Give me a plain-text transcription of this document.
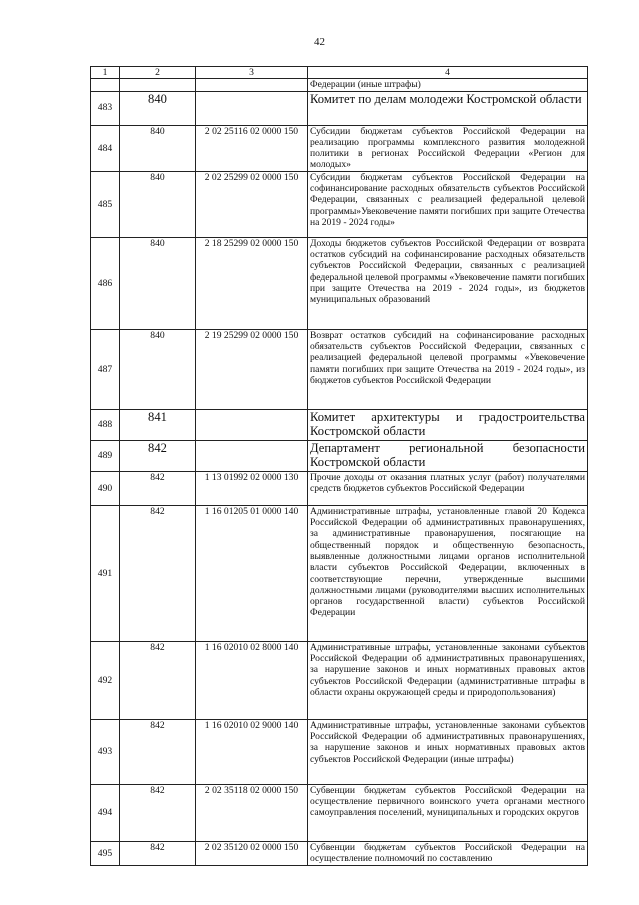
42
1	2	3	4
			Федерации (иные штрафы)
483	840		Комитет по делам молодежи Костромской области
484	840	2 02 25116 02 0000 150	Субсидии бюджетам субъектов Российской Федерации на реализацию программы комплексного развития молодежной политики в регионах Российской Федерации «Регион для молодых»
485	840	2 02 25299 02 0000 150	Субсидии бюджетам субъектов Российской Федерации на софинансирование расходных обязательств субъектов Российской Федерации, связанных с реализацией федеральной целевой программы»Увековечение памяти погибших при защите Отечества на 2019 - 2024 годы»
486	840	2 18 25299 02 0000 150	Доходы бюджетов субъектов Российской Федерации от возврата остатков субсидий на софинансирование расходных обязательств субъектов Российской Федерации, связанных с реализацией федеральной целевой программы «Увековечение памяти погибших при защите Отечества на 2019 - 2024 годы», из бюджетов муниципальных образований
487	840	2 19 25299 02 0000 150	Возврат остатков субсидий на софинансирование расходных обязательств субъектов Российской Федерации, связанных с реализацией федеральной целевой программы «Увековечение памяти погибших при защите Отечества на 2019 - 2024 годы», из бюджетов субъектов Российской Федерации
488	841		Комитет архитектуры и градостроительства Костромской области
489	842		Департамент региональной безопасности Костромской области
490	842	1 13 01992 02 0000 130	Прочие доходы от оказания платных услуг (работ) получателями средств бюджетов субъектов Российской Федерации
491	842	1 16 01205 01 0000 140	Административные штрафы, установленные главой 20 Кодекса Российской Федерации об административных правонарушениях, за административные правонарушения, посягающие на общественный порядок и общественную безопасность, выявленные должностными лицами органов исполнительной власти субъектов Российской Федерации, включенных в соответствующие перечни, утвержденные высшими должностными лицами (руководителями высших исполнительных органов государственной власти) субъектов Российской Федерации
492	842	1 16 02010 02 8000 140	Административные штрафы, установленные законами субъектов Российской Федерации об административных правонарушениях, за нарушение законов и иных нормативных правовых актов субъектов Российской Федерации (административные штрафы в области охраны окружающей среды и природопользования)
493	842	1 16 02010 02 9000 140	Административные штрафы, установленные законами субъектов Российской Федерации об административных правонарушениях, за нарушение законов и иных нормативных правовых актов субъектов Российской Федерации (иные штрафы)
494	842	2 02 35118 02 0000 150	Субвенции бюджетам субъектов Российской Федерации на осуществление первичного воинского учета органами местного самоуправления поселений, муниципальных и городских округов
495	842	2 02 35120 02 0000 150	Субвенции бюджетам субъектов Российской Федерации на осуществление полномочий по составлению
